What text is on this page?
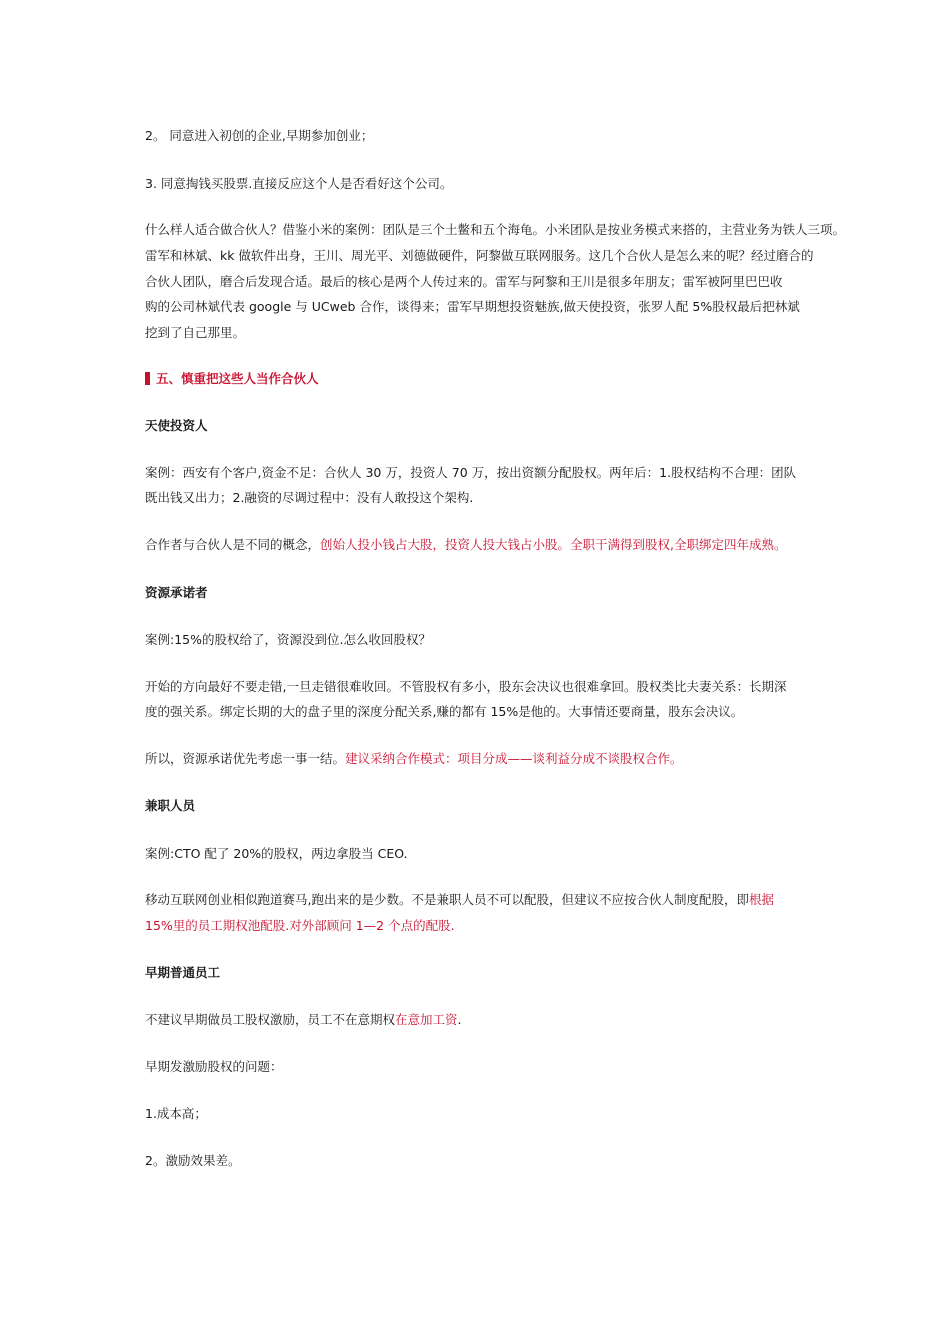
2。 同意进入初创的企业,早期参加创业；
3. 同意掏钱买股票.直接反应这个人是否看好这个公司。
什么样人适合做合伙人？借鉴小米的案例：团队是三个土鳖和五个海龟。小米团队是按业务模式来搭的，主营业务为铁人三项。
雷军和林斌、kk 做软件出身，王川、周光平、刘德做硬件，阿黎做互联网服务。这几个合伙人是怎么来的呢？经过磨合的
合伙人团队，磨合后发现合适。最后的核心是两个人传过来的。雷军与阿黎和王川是很多年朋友；雷军被阿里巴巴收
购的公司林斌代表 google 与 UCweb 合作，谈得来；雷军早期想投资魅族,做天使投资，张罗人配 5%股权最后把林斌
挖到了自己那里。
五、慎重把这些人当作合伙人
天使投资人
案例：西安有个客户,资金不足：合伙人 30 万，投资人 70 万，按出资额分配股权。两年后：1.股权结构不合理：团队
既出钱又出力；2.融资的尽调过程中：没有人敢投这个架构.
合作者与合伙人是不同的概念，创始人投小钱占大股，投资人投大钱占小股。全职干满得到股权,全职绑定四年成熟。
资源承诺者
案例:15%的股权给了，资源没到位.怎么收回股权？
开始的方向最好不要走错,一旦走错很难收回。不管股权有多小，股东会决议也很难拿回。股权类比夫妻关系：长期深
度的强关系。绑定长期的大的盘子里的深度分配关系,赚的都有 15%是他的。大事情还要商量，股东会决议。
所以，资源承诺优先考虑一事一结。建议采纳合作模式：项目分成——谈利益分成不谈股权合作。
兼职人员
案例:CTO 配了 20%的股权，两边拿股当 CEO.
移动互联网创业相似跑道赛马,跑出来的是少数。不是兼职人员不可以配股，但建议不应按合伙人制度配股，即根据
15%里的员工期权池配股.对外部顾问 1—2 个点的配股.
早期普通员工
不建议早期做员工股权激励，员工不在意期权在意加工资.
早期发激励股权的问题：
1.成本高；
2。激励效果差。
